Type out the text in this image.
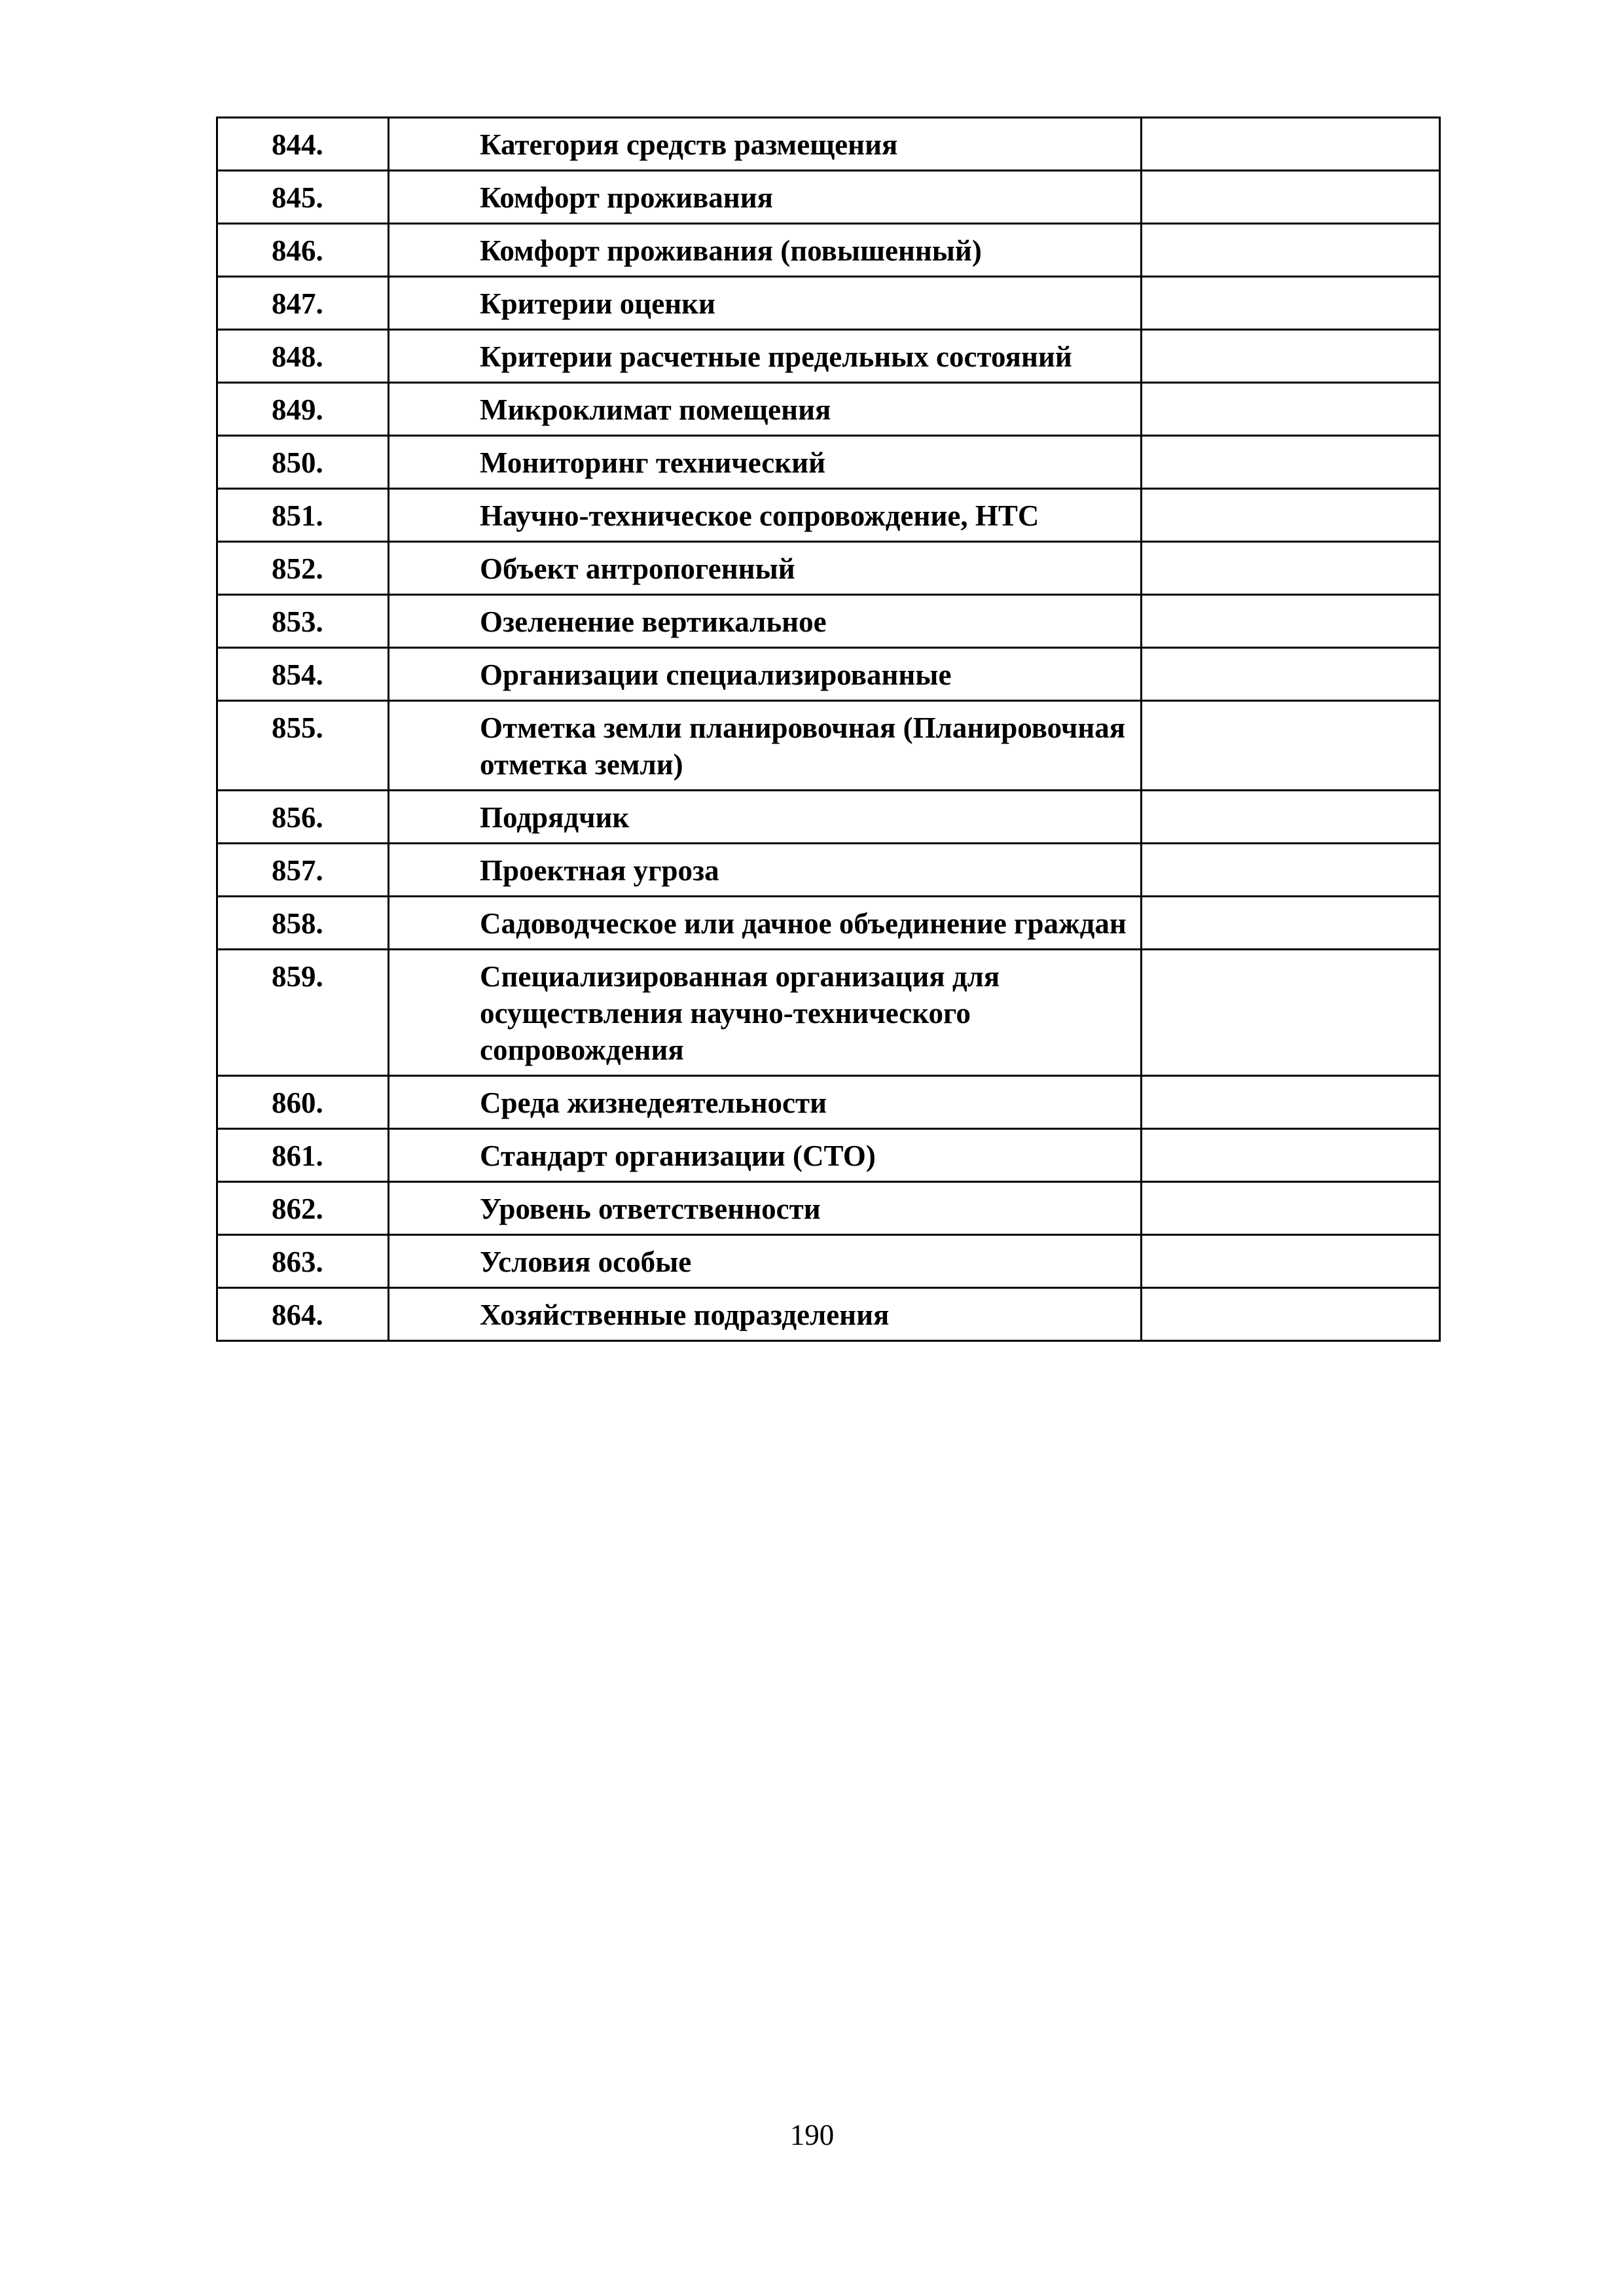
844.	Категория средств размещения	
845.	Комфорт проживания	
846.	Комфорт проживания (повышенный)	
847.	Критерии оценки	
848.	Критерии расчетные предельных состояний	
849.	Микроклимат помещения	
850.	Мониторинг технический	
851.	Научно-техническое сопровождение, НТС	
852.	Объект антропогенный	
853.	Озеленение вертикальное	
854.	Организации специализированные	
855.	Отметка земли планировочная (Планировочная отметка земли)	
856.	Подрядчик	
857.	Проектная угроза	
858.	Садоводческое или дачное объединение граждан	
859.	Специализированная организация для осуществления научно-технического сопровождения	
860.	Среда жизнедеятельности	
861.	Стандарт организации (СТО)	
862.	Уровень ответственности	
863.	Условия особые	
864.	Хозяйственные подразделения	
190
